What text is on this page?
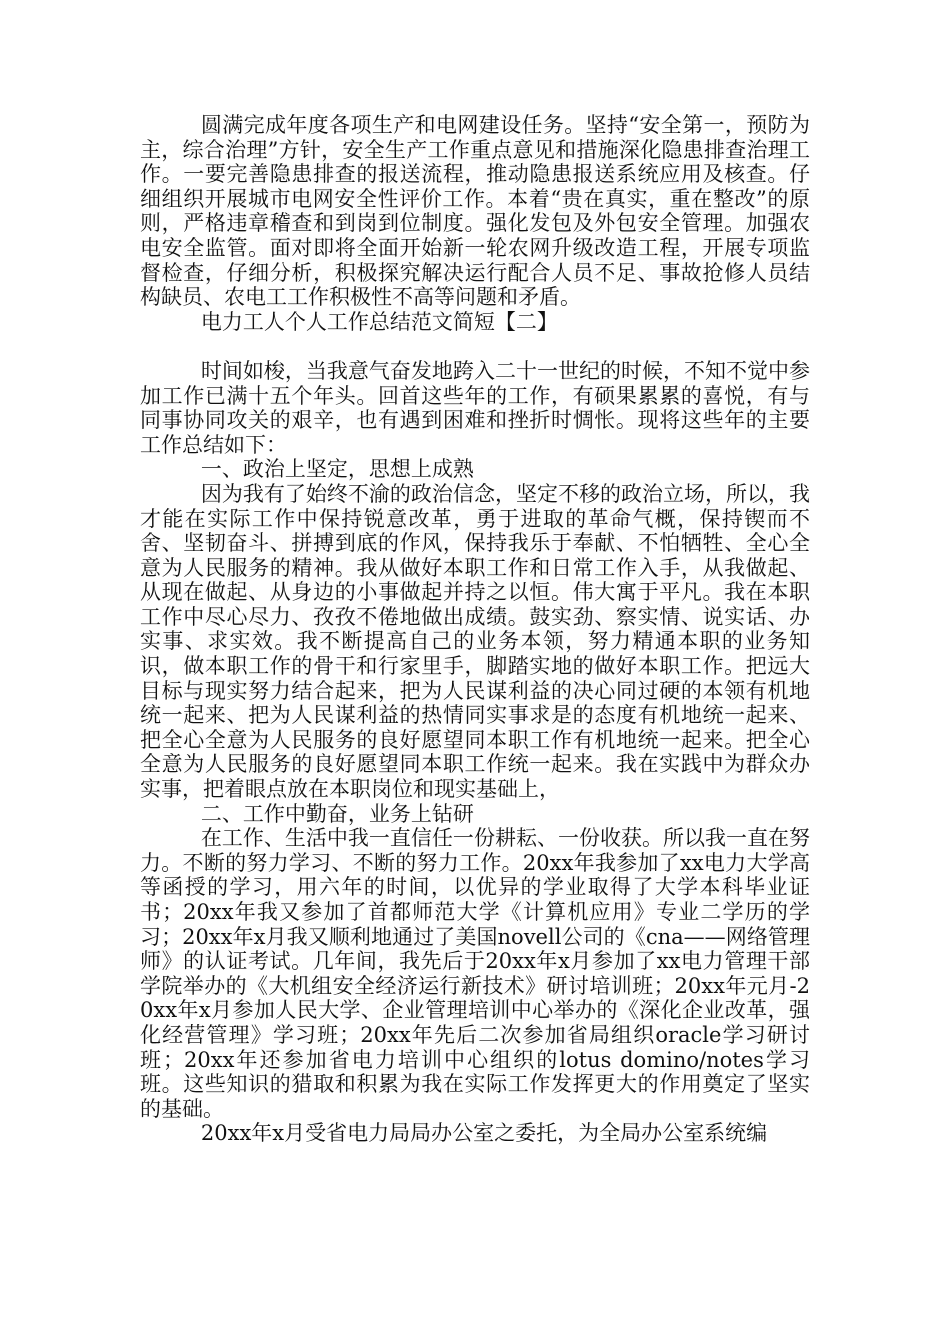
圆满完成年度各项生产和电网建设任务。坚持“安全第一，预防为主，综合治理”方针，安全生产工作重点意见和措施深化隐患排查治理工作。一要完善隐患排查的报送流程，推动隐患报送系统应用及核查。仔细组织开展城市电网安全性评价工作。本着“贵在真实，重在整改”的原则，严格违章稽查和到岗到位制度。强化发包及外包安全管理。加强农电安全监管。面对即将全面开始新一轮农网升级改造工程，开展专项监督检查，仔细分析，积极探究解决运行配合人员不足、事故抢修人员结构缺员、农电工工作积极性不高等问题和矛盾。

电力工人个人工作总结范文简短【二】

时间如梭，当我意气奋发地跨入二十一世纪的时候，不知不觉中参加工作已满十五个年头。回首这些年的工作，有硕果累累的喜悦，有与同事协同攻关的艰辛，也有遇到困难和挫折时惆怅。现将这些年的主要工作总结如下：

一、政治上坚定，思想上成熟

因为我有了始终不渝的政治信念，坚定不移的政治立场，所以，我才能在实际工作中保持锐意改革，勇于进取的革命气概，保持锲而不舍、坚韧奋斗、拼搏到底的作风，保持我乐于奉献、不怕牺牲、全心全意为人民服务的精神。我从做好本职工作和日常工作入手，从我做起、从现在做起、从身边的小事做起并持之以恒。伟大寓于平凡。我在本职工作中尽心尽力、孜孜不倦地做出成绩。鼓实劲、察实情、说实话、办实事、求实效。我不断提高自己的业务本领，努力精通本职的业务知识，做本职工作的骨干和行家里手，脚踏实地的做好本职工作。把远大目标与现实努力结合起来，把为人民谋利益的决心同过硬的本领有机地统一起来、把为人民谋利益的热情同实事求是的态度有机地统一起来、把全心全意为人民服务的良好愿望同本职工作有机地统一起来。把全心全意为人民服务的良好愿望同本职工作统一起来。我在实践中为群众办实事，把着眼点放在本职岗位和现实基础上，

二、工作中勤奋，业务上钻研

在工作、生活中我一直信任一份耕耘、一份收获。所以我一直在努力。不断的努力学习、不断的努力工作。20xx年我参加了xx电力大学高等函授的学习，用六年的时间，以优异的学业取得了大学本科毕业证书；20xx年我又参加了首都师范大学《计算机应用》专业二学历的学习；20xx年x月我又顺利地通过了美国novell公司的《cna——网络管理师》的认证考试。几年间，我先后于20xx年x月参加了xx电力管理干部学院举办的《大机组安全经济运行新技术》研讨培训班；20xx年元月-20xx年x月参加人民大学、企业管理培训中心举办的《深化企业改革，强化经营管理》学习班；20xx年先后二次参加省局组织oracle学习研讨班；20xx年还参加省电力培训中心组织的lotus domino/notes学习班。这些知识的猎取和积累为我在实际工作发挥更大的作用奠定了坚实的基础。

20xx年x月受省电力局局办公室之委托，为全局办公室系统编
